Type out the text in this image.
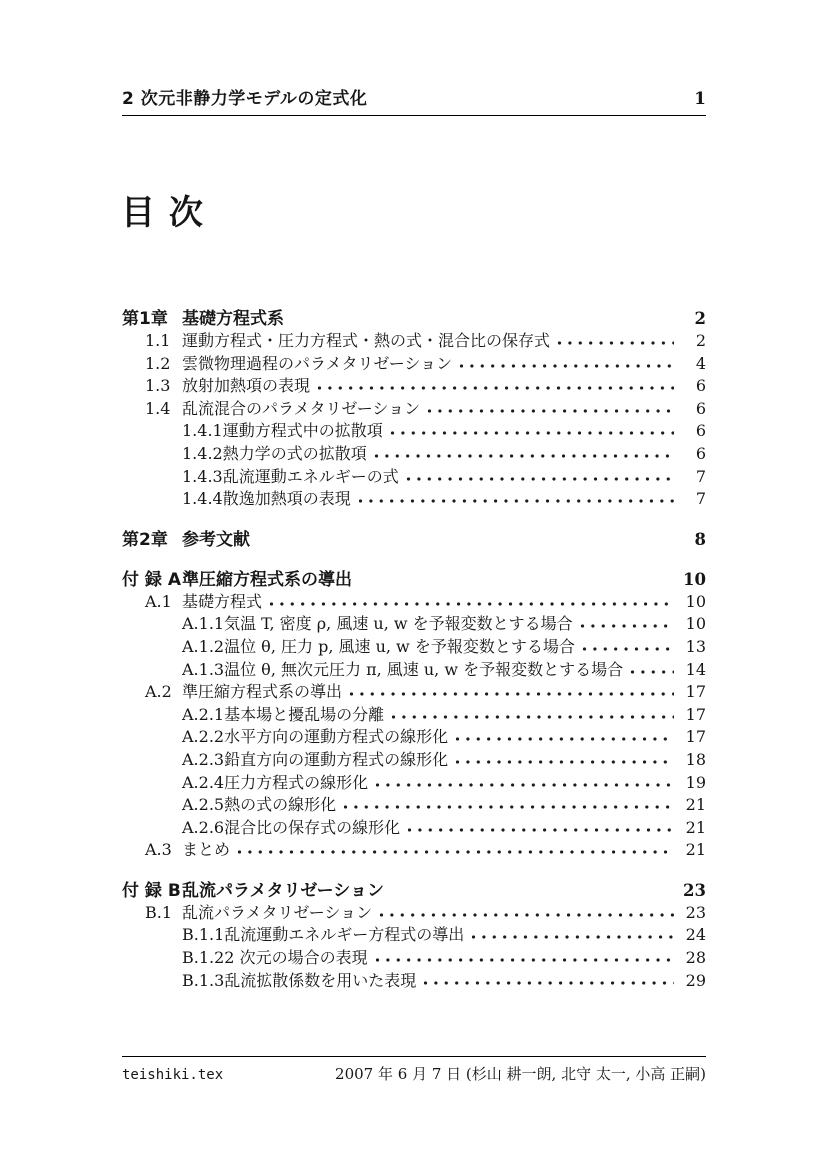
2 次元非静力学モデルの定式化	1
目 次
第1章 基礎方程式系	2
1.1 運動方程式・圧力方程式・熱の式・混合比の保存式	2
1.2 雲微物理過程のパラメタリゼーション	4
1.3 放射加熱項の表現	6
1.4 乱流混合のパラメタリゼーション	6
1.4.1 運動方程式中の拡散項	6
1.4.2 熱力学の式の拡散項	6
1.4.3 乱流運動エネルギーの式	7
1.4.4 散逸加熱項の表現	7
第2章 参考文献	8
付 録 A 準圧縮方程式系の導出	10
A.1 基礎方程式	10
A.1.1 気温 T, 密度 ρ, 風速 u, w を予報変数とする場合	10
A.1.2 温位 θ, 圧力 p, 風速 u, w を予報変数とする場合	13
A.1.3 温位 θ, 無次元圧力 π, 風速 u, w を予報変数とする場合	14
A.2 準圧縮方程式系の導出	17
A.2.1 基本場と擾乱場の分離	17
A.2.2 水平方向の運動方程式の線形化	17
A.2.3 鉛直方向の運動方程式の線形化	18
A.2.4 圧力方程式の線形化	19
A.2.5 熱の式の線形化	21
A.2.6 混合比の保存式の線形化	21
A.3 まとめ	21
付 録 B 乱流パラメタリゼーション	23
B.1 乱流パラメタリゼーション	23
B.1.1 乱流運動エネルギー方程式の導出	24
B.1.2 2 次元の場合の表現	28
B.1.3 乱流拡散係数を用いた表現	29
teishiki.tex	2007 年 6 月 7 日 (杉山 耕一朗, 北守 太一, 小高 正嗣)
